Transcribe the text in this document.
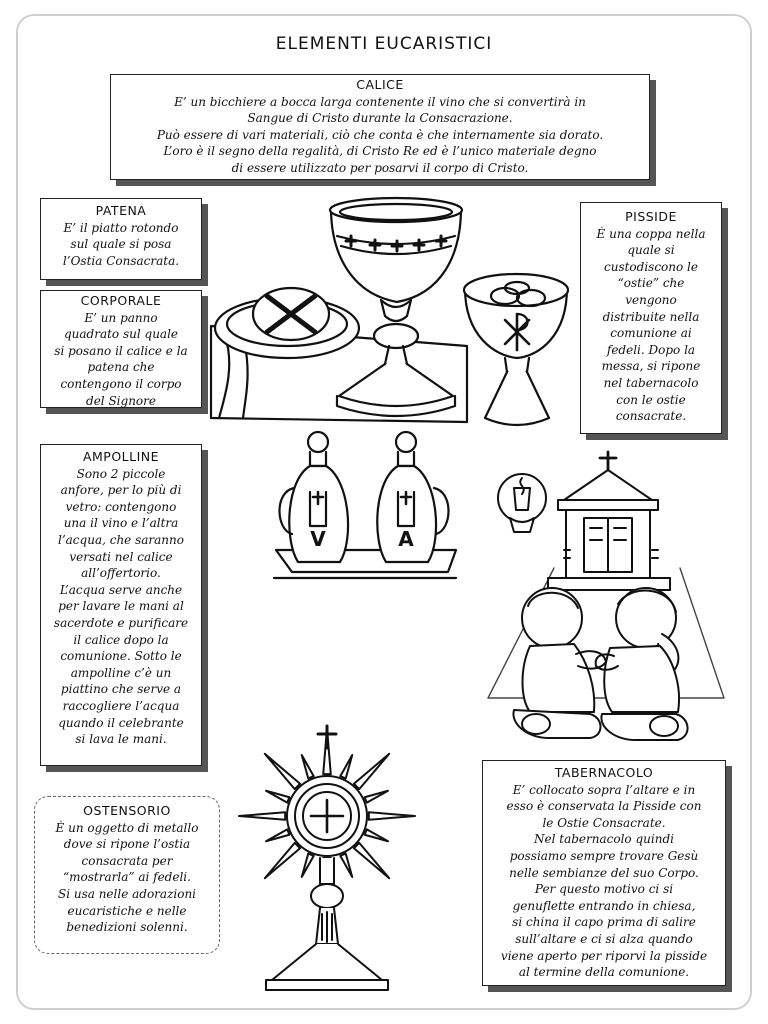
ELEMENTI EUCARISTICI
CALICE

E’ un bicchiere a bocca larga contenente il vino che si convertirà in

Sangue di Cristo durante la Consacrazione.

Può essere di vari materiali, ciò che conta è che internamente sia dorato.

L’oro è il segno della regalità, di Cristo Re ed è l’unico materiale degno

di essere utilizzato per posarvi il corpo di Cristo.

PATENA

E’ il piatto rotondo

sul quale si posa

l’Ostia Consacrata.

CORPORALE

E’ un panno

quadrato sul quale

si posano il calice e la

patena che

contengono il corpo

del Signore

PISSIDE

È una coppa nella

quale si

custodiscono le

“ostie” che

vengono

distribuite nella

comunione ai

fedeli. Dopo la

messa, si ripone

nel tabernacolo

con le ostie

consacrate.

AMPOLLINE

Sono 2 piccole

anfore, per lo più di

vetro: contengono

una il vino e l’altra

l’acqua, che saranno

versati nel calice

all’offertorio.

L’acqua serve anche

per lavare le mani al

sacerdote e purificare

il calice dopo la

comunione. Sotto le

ampolline c’è un

piattino che serve a

raccogliere l’acqua

quando il celebrante

si lava le mani.

OSTENSORIO

È un oggetto di metallo

dove si ripone l’ostia

consacrata per

“mostrarla” ai fedeli.

Si usa nelle adorazioni

eucaristiche e nelle

benedizioni solenni.

TABERNACOLO

E’ collocato sopra l’altare e in

esso è conservata la Pisside con

le Ostie Consacrate.

Nel tabernacolo quindi

possiamo sempre trovare Gesù

nelle sembianze del suo Corpo.

Per questo motivo ci si

genuflette entrando in chiesa,

si china il capo prima di salire

sull’altare e ci si alza quando

viene aperto per riporvi la pisside

al termine della comunione.

V	A
